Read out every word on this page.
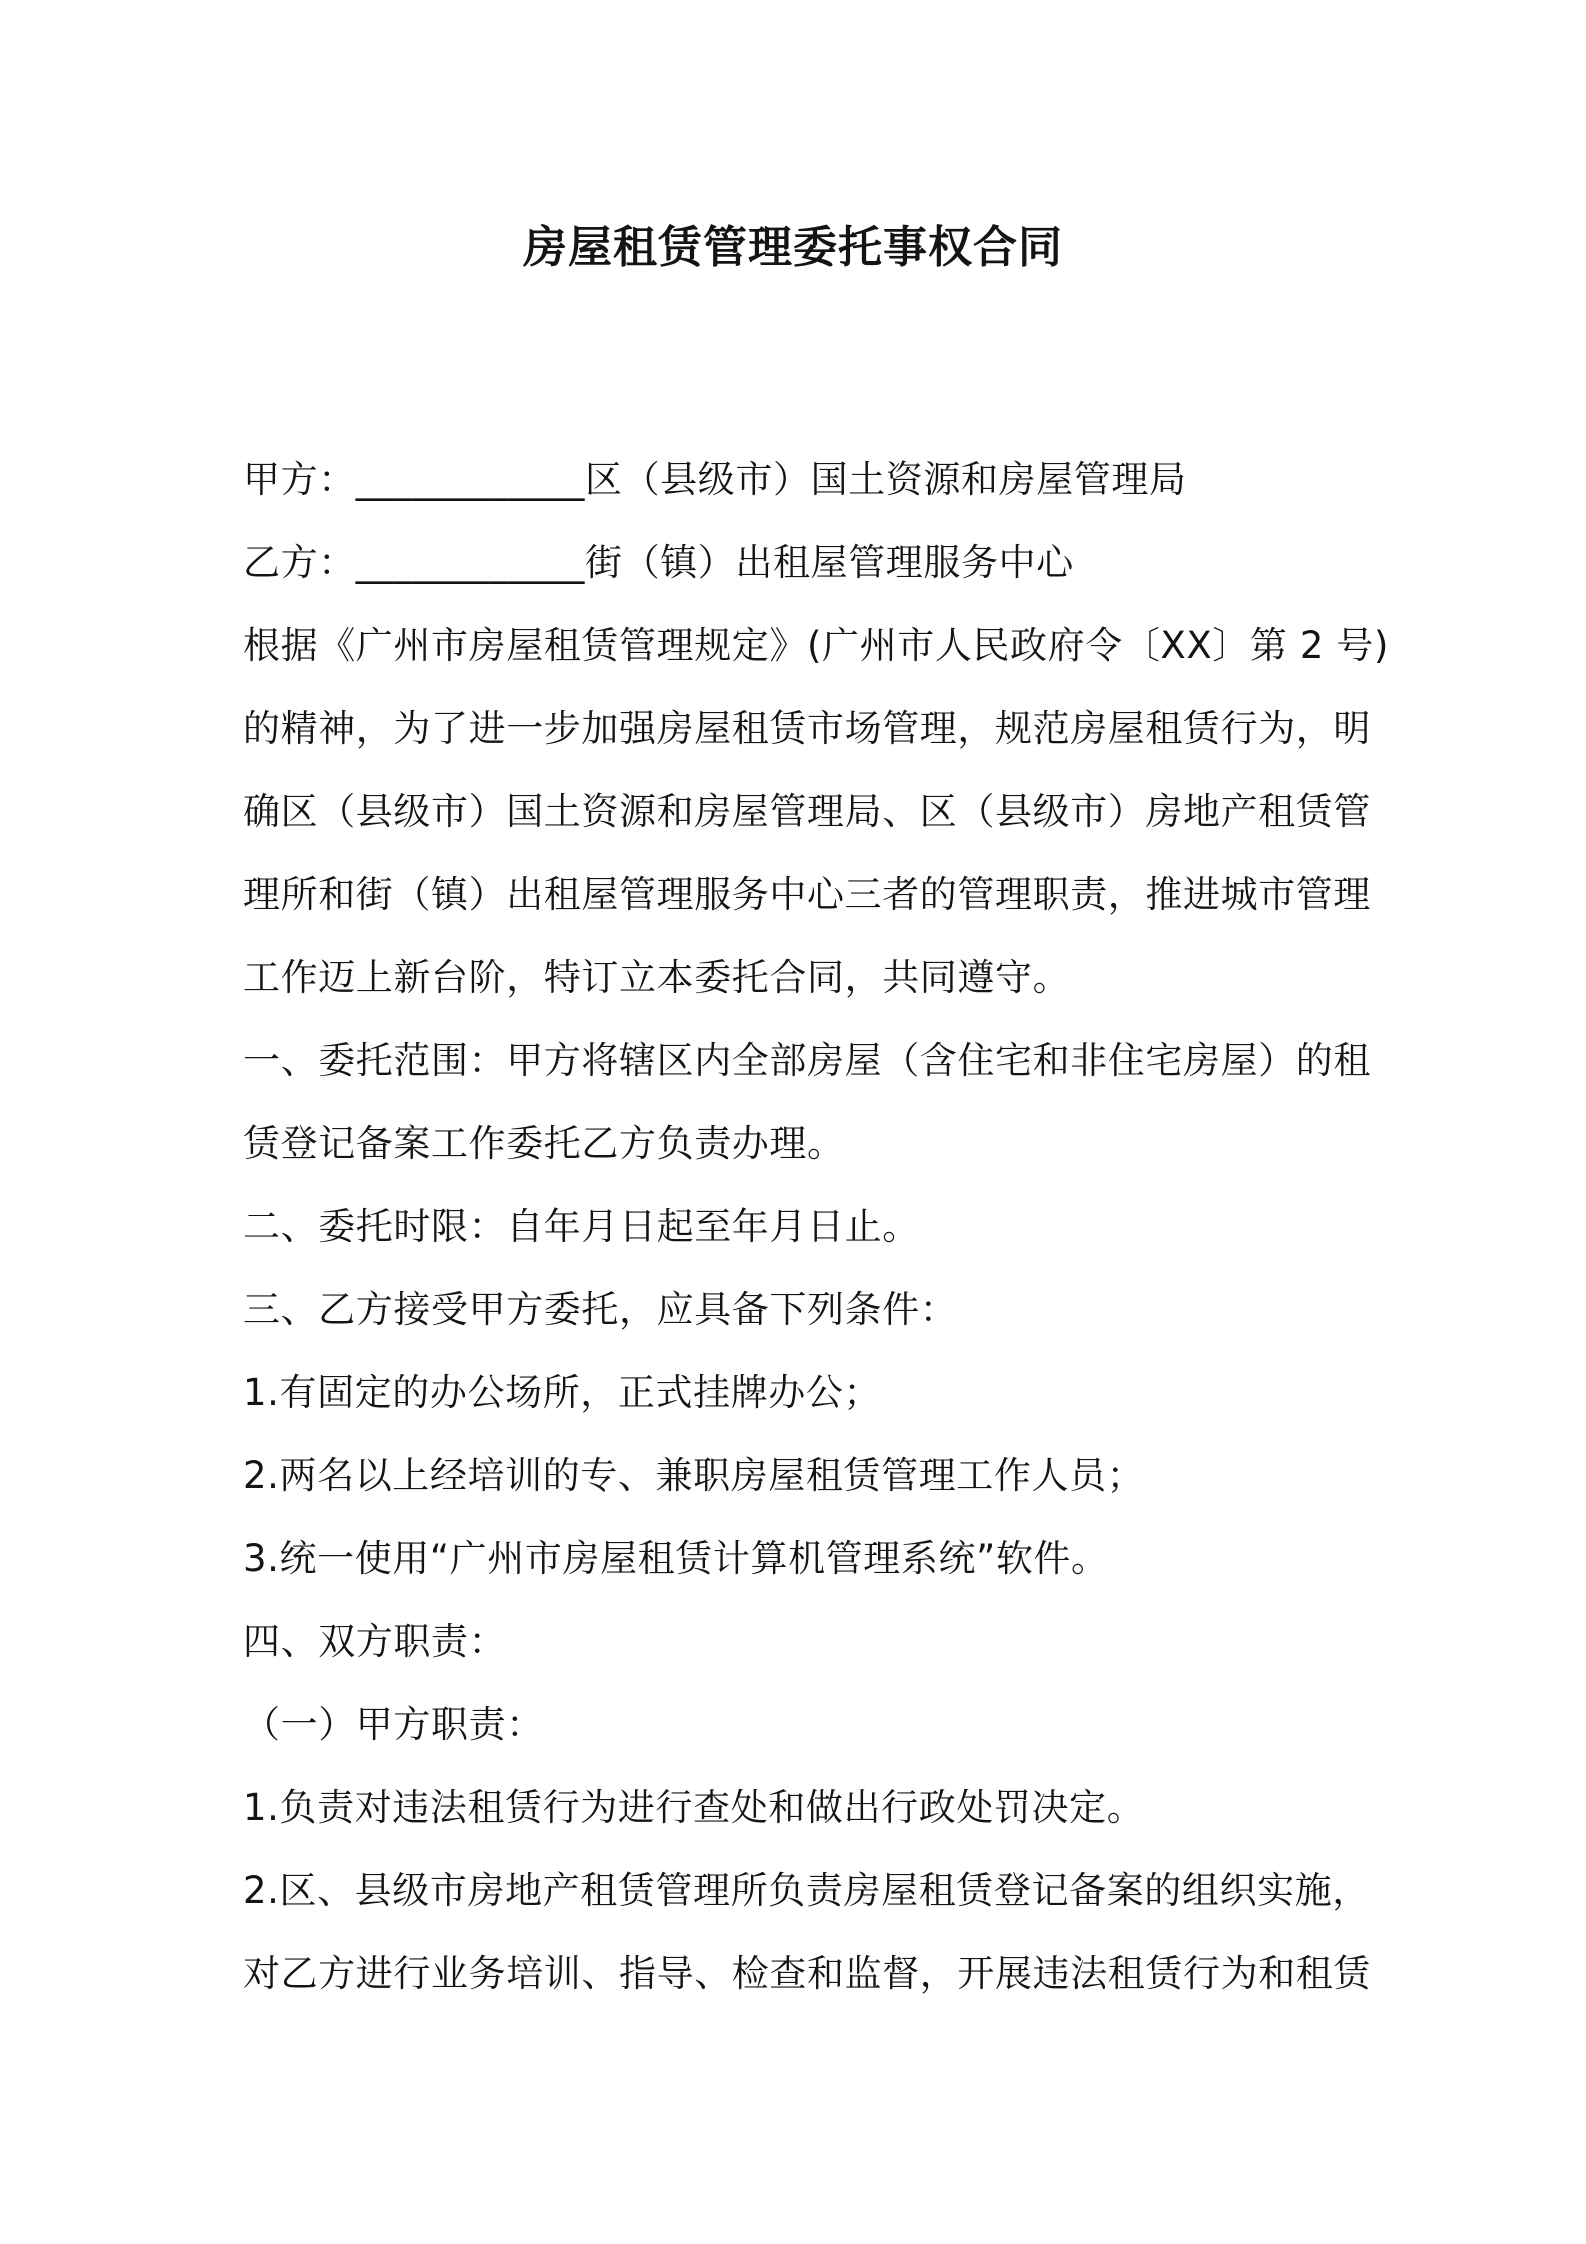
房屋租赁管理委托事权合同
甲方：____________区（县级市）国土资源和房屋管理局
乙方：____________街（镇）出租屋管理服务中心
根据《广州市房屋租赁管理规定》(广州市人民政府令〔XX〕第 2 号)
的精神，为了进一步加强房屋租赁市场管理，规范房屋租赁行为，明
确区（县级市）国土资源和房屋管理局、区（县级市）房地产租赁管
理所和街（镇）出租屋管理服务中心三者的管理职责，推进城市管理
工作迈上新台阶，特订立本委托合同，共同遵守。
一、委托范围：甲方将辖区内全部房屋（含住宅和非住宅房屋）的租
赁登记备案工作委托乙方负责办理。
二、委托时限：自年月日起至年月日止。
三、乙方接受甲方委托，应具备下列条件：
1.有固定的办公场所，正式挂牌办公；
2.两名以上经培训的专、兼职房屋租赁管理工作人员；
3.统一使用“广州市房屋租赁计算机管理系统”软件。
四、双方职责：
（一）甲方职责：
1.负责对违法租赁行为进行查处和做出行政处罚决定。
2.区、县级市房地产租赁管理所负责房屋租赁登记备案的组织实施，
对乙方进行业务培训、指导、检查和监督，开展违法租赁行为和租赁
